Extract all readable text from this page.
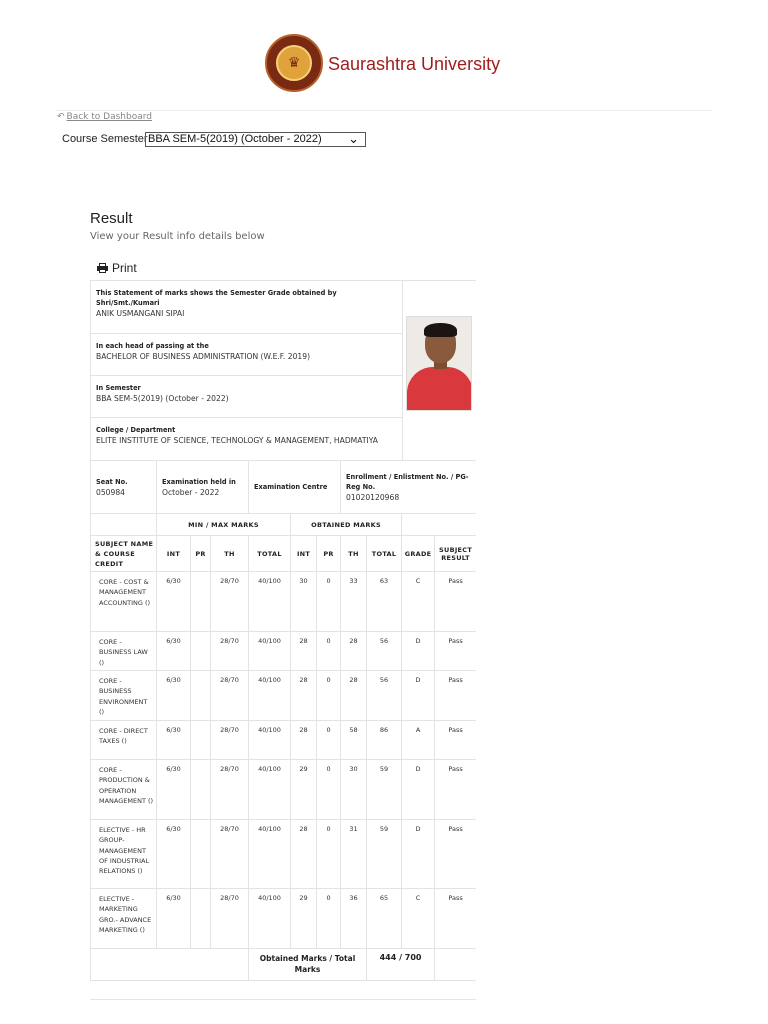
♛	Saurashtra University
↶ Back to Dashboard
Course Semester BBA SEM-5(2019) (October - 2022) ⌄
Result
View your Result info details below
Print
This Statement of marks shows the Semester Grade obtained by Shri/Smt./Kumari
ANIK USMANGANI SIPAI

In each head of passing at the
BACHELOR OF BUSINESS ADMINISTRATION (W.E.F. 2019)

In Semester
BBA SEM-5(2019) (October - 2022)

College / Department
ELITE INSTITUTE OF SCIENCE, TECHNOLOGY & MANAGEMENT, HADMATIYA
Seat No.
050984

Examination held in
October - 2022

Examination Centre

Enrollment / Enlistment No. / PG-Reg No.
01020120968
	MIN / MAX MARKS				OBTAINED MARKS					
SUBJECT NAME & COURSE CREDIT	INT	PR	TH	TOTAL	INT	PR	TH	TOTAL	GRADE	SUBJECT RESULT
CORE - COST & MANAGEMENT ACCOUNTING ()	6/30		28/70	40/100	30	0	33	63	C	Pass
CORE - BUSINESS LAW ()	6/30		28/70	40/100	28	0	28	56	D	Pass
CORE - BUSINESS ENVIRONMENT ()	6/30		28/70	40/100	28	0	28	56	D	Pass
CORE - DIRECT TAXES ()	6/30		28/70	40/100	28	0	58	86	A	Pass
CORE - PRODUCTION & OPERATION MANAGEMENT ()	6/30		28/70	40/100	29	0	30	59	D	Pass
ELECTIVE - HR GROUP- MANAGEMENT OF INDUSTRIAL RELATIONS ()	6/30		28/70	40/100	28	0	31	59	D	Pass
ELECTIVE - MARKETING GRO.- ADVANCE MARKETING ()	6/30		28/70	40/100	29	0	36	65	C	Pass
				Obtained Marks / Total Marks				444 / 700		
